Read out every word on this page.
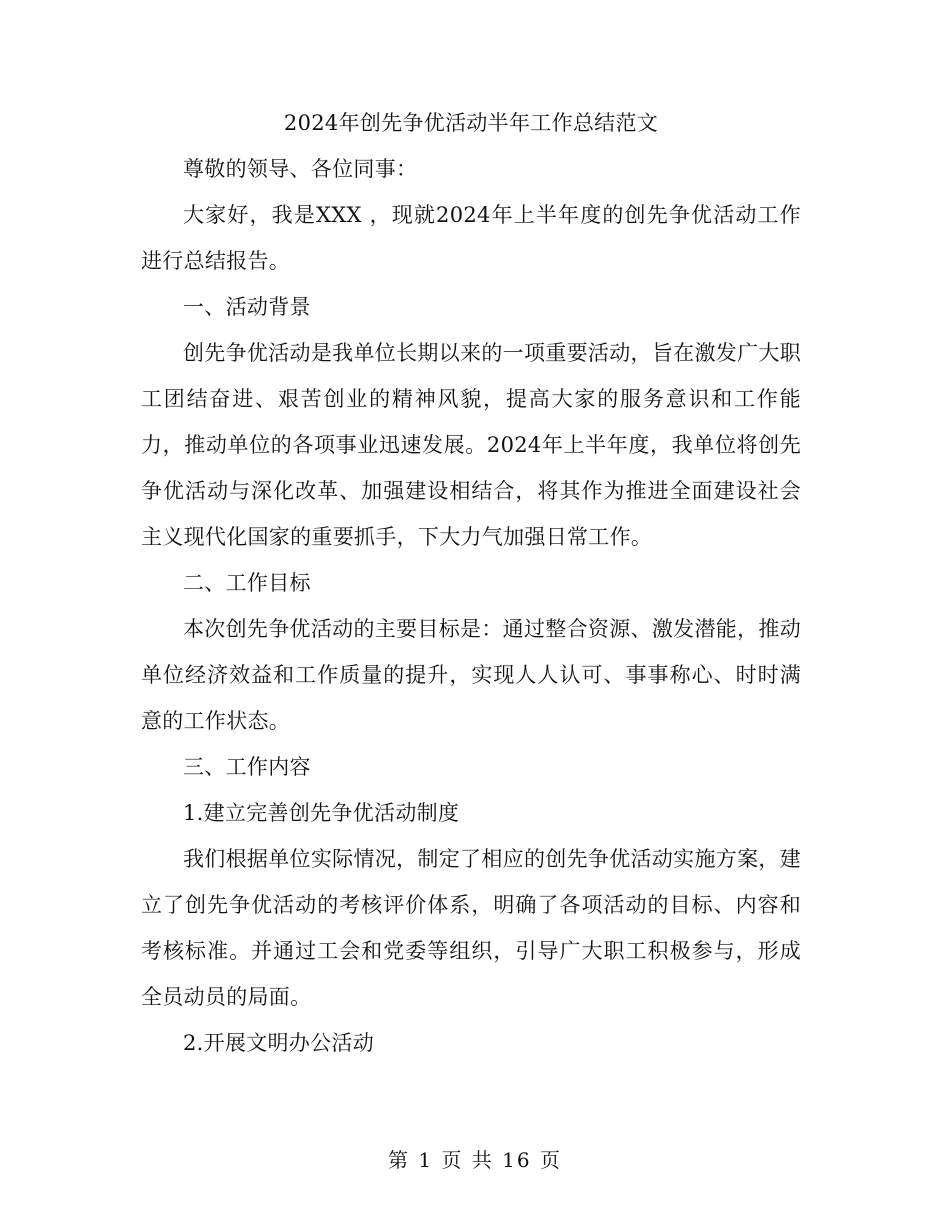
2024年创先争优活动半年工作总结范文

尊敬的领导、各位同事：

大家好，我是XXX ，现就2024年上半年度的创先争优活动工作进行总结报告。

一、活动背景

创先争优活动是我单位长期以来的一项重要活动，旨在激发广大职工团结奋进、艰苦创业的精神风貌，提高大家的服务意识和工作能力，推动单位的各项事业迅速发展。2024年上半年度，我单位将创先争优活动与深化改革、加强建设相结合，将其作为推进全面建设社会主义现代化国家的重要抓手，下大力气加强日常工作。

二、工作目标

本次创先争优活动的主要目标是：通过整合资源、激发潜能，推动单位经济效益和工作质量的提升，实现人人认可、事事称心、时时满意的工作状态。

三、工作内容

1.建立完善创先争优活动制度

我们根据单位实际情况，制定了相应的创先争优活动实施方案，建立了创先争优活动的考核评价体系，明确了各项活动的目标、内容和考核标准。并通过工会和党委等组织，引导广大职工积极参与，形成全员动员的局面。

2.开展文明办公活动

第 1 页 共 16 页
